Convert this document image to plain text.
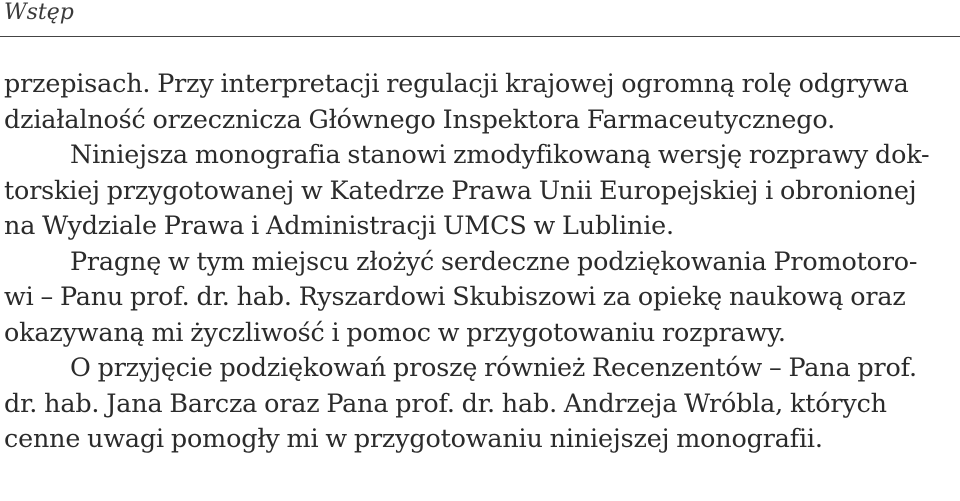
Wstęp
przepisach. Przy interpretacji regulacji krajowej ogromną rolę odgrywa
działalność orzecznicza Głównego Inspektora Farmaceutycznego.
Niniejsza monografia stanowi zmodyfikowaną wersję rozprawy dok-
torskiej przygotowanej w Katedrze Prawa Unii Europejskiej i obronionej
na Wydziale Prawa i Administracji UMCS w Lublinie.
Pragnę w tym miejscu złożyć serdeczne podziękowania Promotoro-
wi – Panu prof. dr. hab. Ryszardowi Skubiszowi za opiekę naukową oraz
okazywaną mi życzliwość i pomoc w przygotowaniu rozprawy.
O przyjęcie podziękowań proszę również Recenzentów – Pana prof.
dr. hab. Jana Barcza oraz Pana prof. dr. hab. Andrzeja Wróbla, których
cenne uwagi pomogły mi w przygotowaniu niniejszej monografii.
